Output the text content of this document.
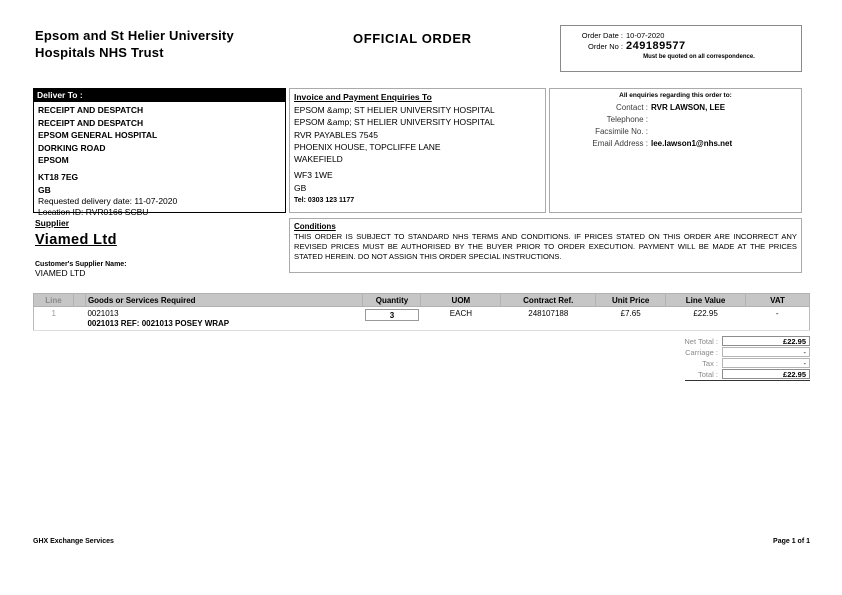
Epsom and St Helier University Hospitals NHS Trust
OFFICIAL ORDER	Order Date : 10-07-2020
Order No : 249189577
Must be quoted on all correspondence.
Deliver To :
RECEIPT AND DESPATCH
RECEIPT AND DESPATCH
EPSOM GENERAL HOSPITAL
DORKING ROAD
EPSOM
KT18 7EG
GB
Requested delivery date: 11-07-2020
Location ID: RVR0166 SCBU
Invoice and Payment Enquiries To
EPSOM &amp; ST HELIER UNIVERSITY HOSPITAL
EPSOM &amp; ST HELIER UNIVERSITY HOSPITAL
RVR PAYABLES 7545
PHOENIX HOUSE, TOPCLIFFE LANE
WAKEFIELD
WF3 1WE
GB
Tel: 0303 123 1177
All enquiries regarding this order to:
Contact : RVR LAWSON, LEE
Telephone :
Facsimile No. :
Email Address : lee.lawson1@nhs.net
Supplier
Viamed Ltd
Customer's Supplier Name:
VIAMED LTD
Conditions
THIS ORDER IS SUBJECT TO STANDARD NHS TERMS AND CONDITIONS. IF PRICES STATED ON THIS ORDER ARE INCORRECT ANY REVISED PRICES MUST BE AUTHORISED BY THE BUYER PRIOR TO ORDER EXECUTION. PAYMENT WILL BE MADE AT THE PRICES STATED HEREIN. DO NOT ASSIGN THIS ORDER SPECIAL INSTRUCTIONS.
Line		Goods or Services Required	Quantity	UOM	Contract Ref.	Unit Price	Line Value	VAT
1		0021013
0021013 REF: 0021013 POSEY WRAP	3	EACH	248107188	£7.65	£22.95	-
Net Total :	£22.95
Carriage :	-
Tax :	-
Total :	£22.95
GHX Exchange Services	Page 1 of 1
